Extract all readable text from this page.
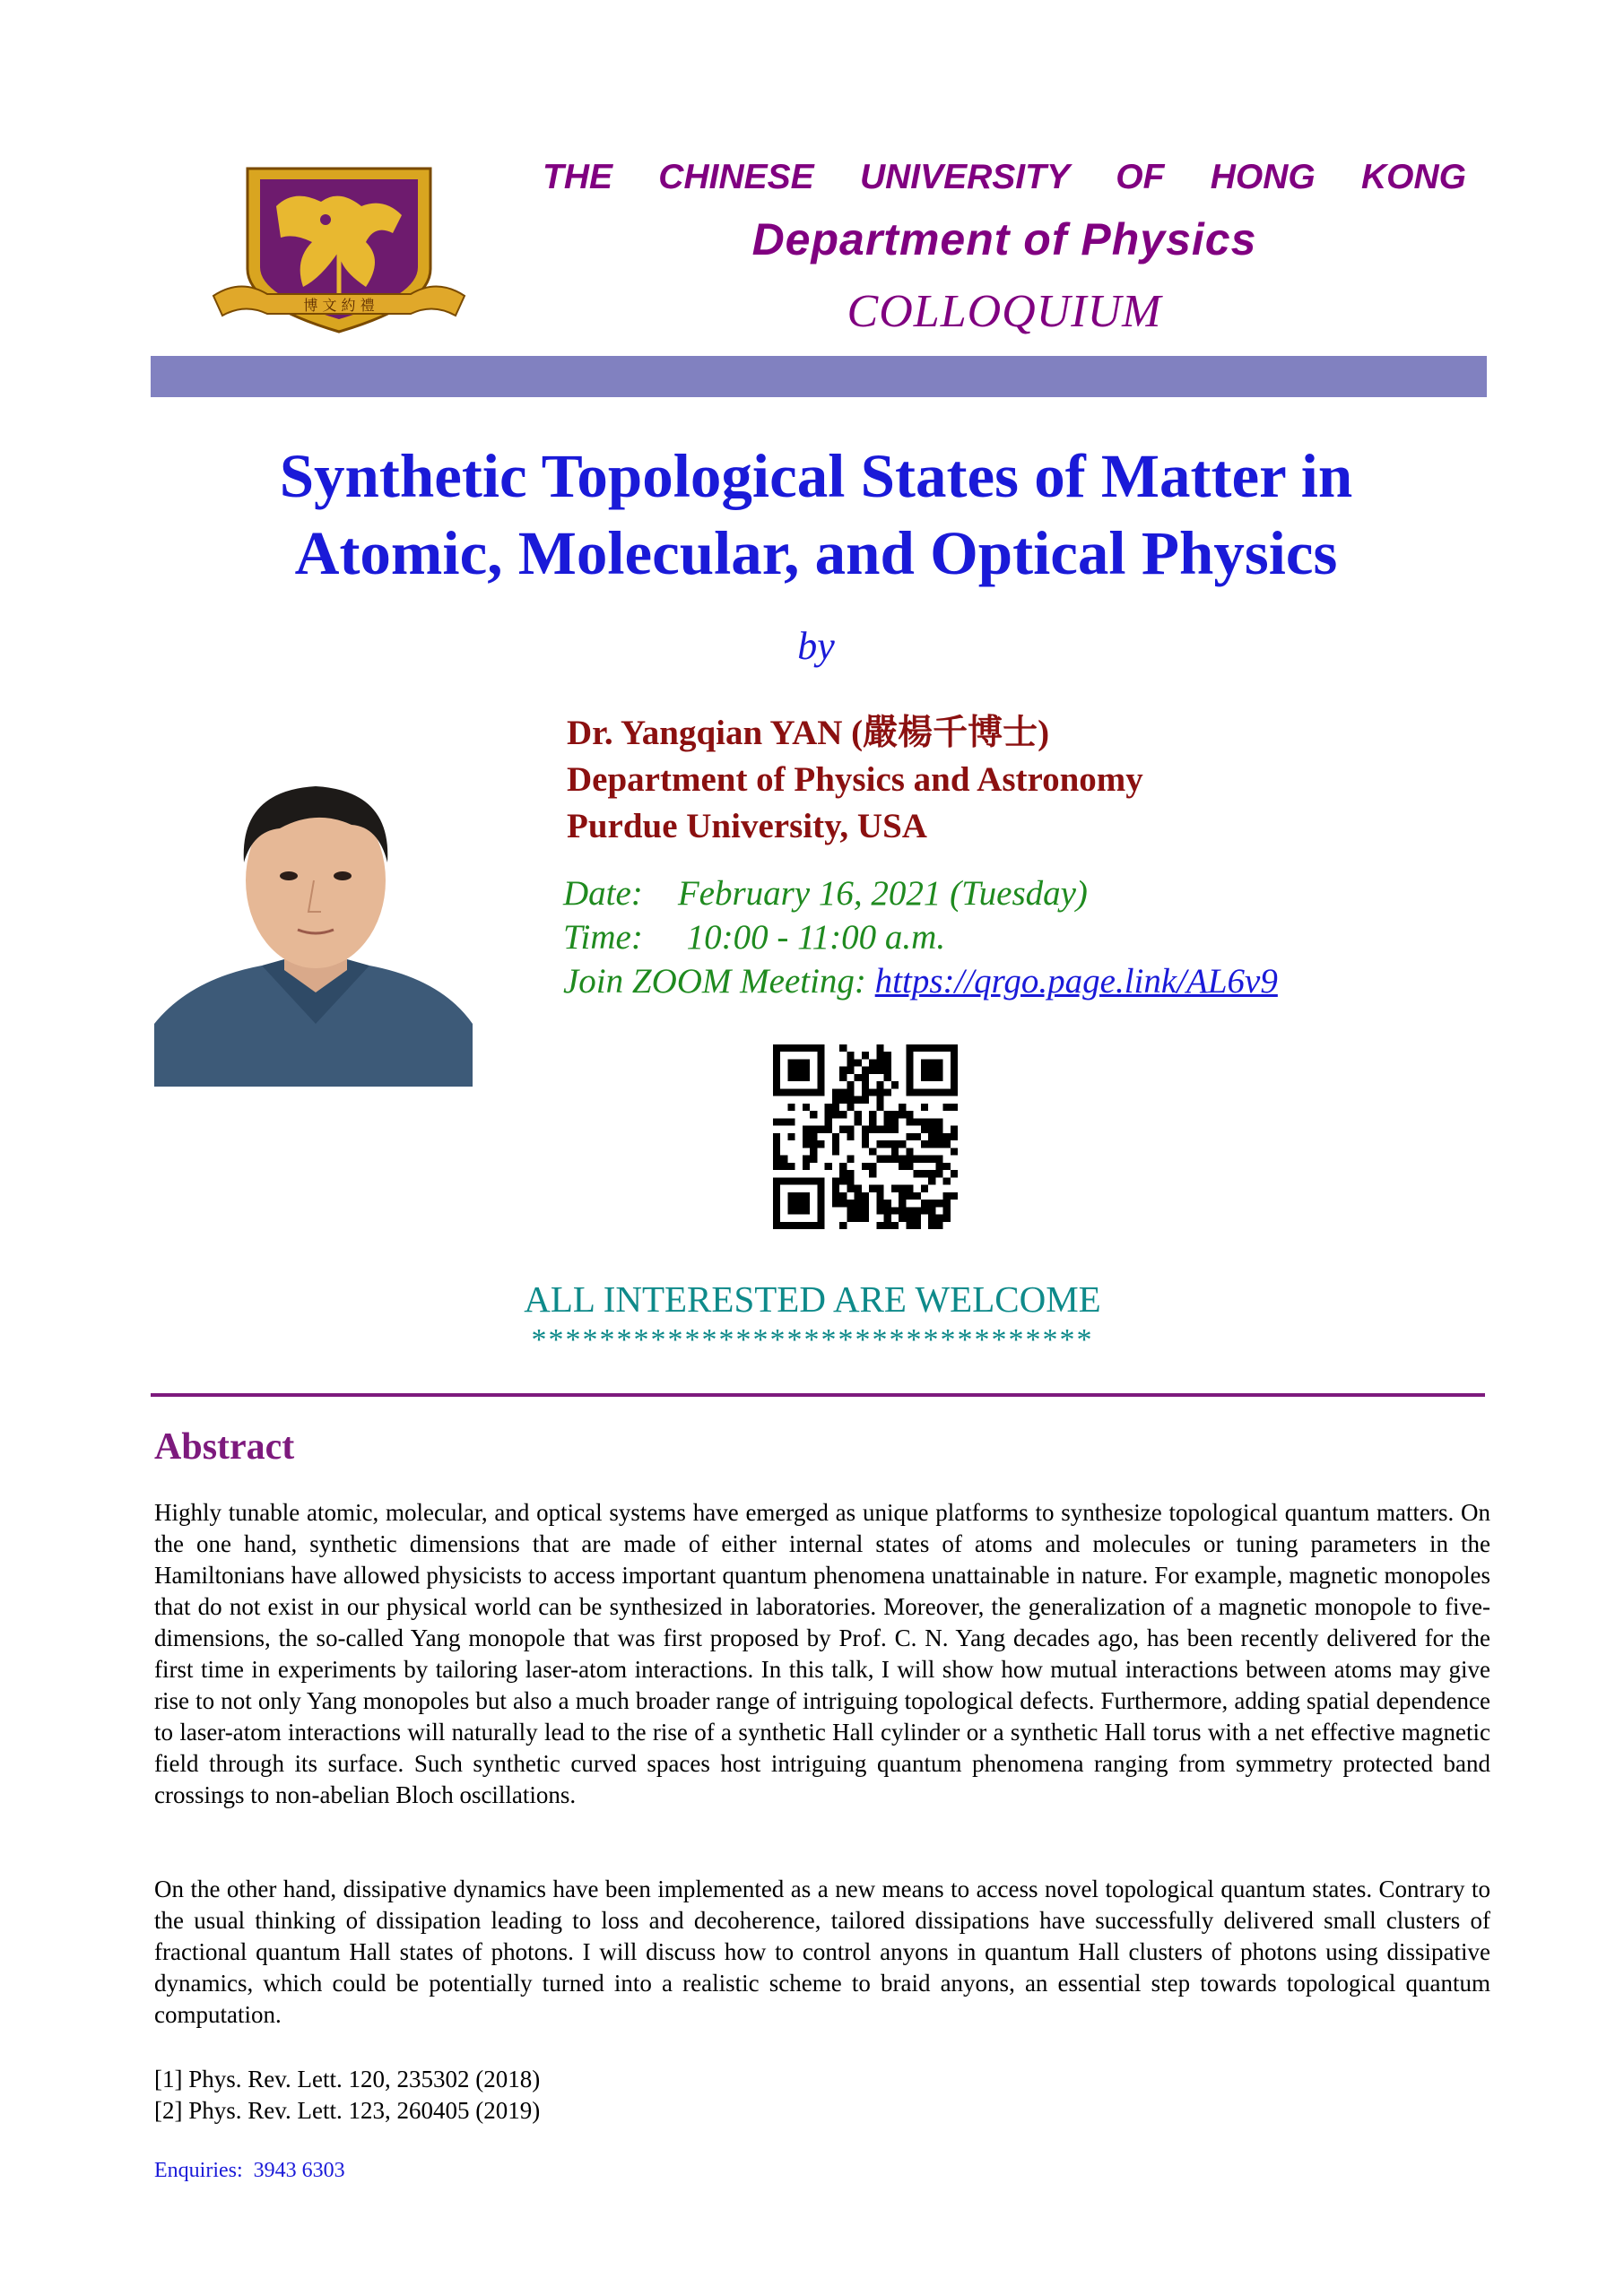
博 文 約 禮
THE CHINESE UNIVERSITY OF HONG KONG
Department of Physics
COLLOQUIUM
Synthetic Topological States of Matter in
Atomic, Molecular, and Optical Physics
by
Dr. Yangqian YAN (嚴楊千博士)
Department of Physics and Astronomy
Purdue University, USA
Date: February 16, 2021 (Tuesday)
Time: 10:00 - 11:00 a.m.
Join ZOOM Meeting: https://qrgo.page.link/AL6v9
ALL INTERESTED ARE WELCOME
*********************************
Abstract
Highly tunable atomic, molecular, and optical systems have emerged as unique platforms to synthesize topological quantum matters. On the one hand, synthetic dimensions that are made of either internal states of atoms and molecules or tuning parameters in the Hamiltonians have allowed physicists to access important quantum phenomena unattainable in nature. For example, magnetic monopoles that do not exist in our physical world can be synthesized in laboratories. Moreover, the generalization of a magnetic monopole to five-dimensions, the so-called Yang monopole that was first proposed by Prof. C. N. Yang decades ago, has been recently delivered for the first time in experiments by tailoring laser-atom interactions. In this talk, I will show how mutual interactions between atoms may give rise to not only Yang monopoles but also a much broader range of intriguing topological defects. Furthermore, adding spatial dependence to laser-atom interactions will naturally lead to the rise of a synthetic Hall cylinder or a synthetic Hall torus with a net effective magnetic field through its surface. Such synthetic curved spaces host intriguing quantum phenomena ranging from symmetry protected band crossings to non-abelian Bloch oscillations.
On the other hand, dissipative dynamics have been implemented as a new means to access novel topological quantum states. Contrary to the usual thinking of dissipation leading to loss and decoherence, tailored dissipations have successfully delivered small clusters of fractional quantum Hall states of photons. I will discuss how to control anyons in quantum Hall clusters of photons using dissipative dynamics, which could be potentially turned into a realistic scheme to braid anyons, an essential step towards topological quantum computation.
[1] Phys. Rev. Lett. 120, 235302 (2018)
[2] Phys. Rev. Lett. 123, 260405 (2019)
Enquiries:  3943 6303
